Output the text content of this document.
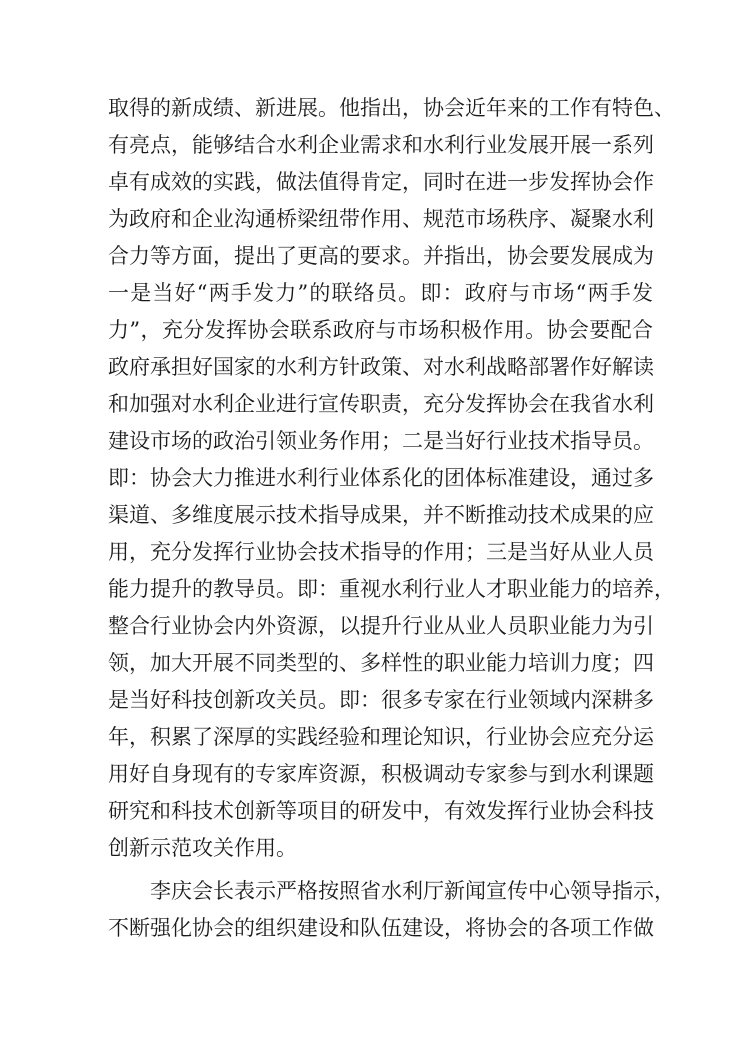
取得的新成绩、新进展。他指出，协会近年来的工作有特色、
有亮点，能够结合水利企业需求和水利行业发展开展一系列
卓有成效的实践，做法值得肯定，同时在进一步发挥协会作
为政府和企业沟通桥梁纽带作用、规范市场秩序、凝聚水利
合力等方面，提出了更高的要求。并指出，协会要发展成为
一是当好“两手发力”的联络员。即：政府与市场“两手发
力”，充分发挥协会联系政府与市场积极作用。协会要配合
政府承担好国家的水利方针政策、对水利战略部署作好解读
和加强对水利企业进行宣传职责，充分发挥协会在我省水利
建设市场的政治引领业务作用；二是当好行业技术指导员。
即：协会大力推进水利行业体系化的团体标准建设，通过多
渠道、多维度展示技术指导成果，并不断推动技术成果的应
用，充分发挥行业协会技术指导的作用；三是当好从业人员
能力提升的教导员。即：重视水利行业人才职业能力的培养，
整合行业协会内外资源，以提升行业从业人员职业能力为引
领，加大开展不同类型的、多样性的职业能力培训力度；四
是当好科技创新攻关员。即：很多专家在行业领域内深耕多
年，积累了深厚的实践经验和理论知识，行业协会应充分运
用好自身现有的专家库资源，积极调动专家参与到水利课题
研究和科技术创新等项目的研发中，有效发挥行业协会科技
创新示范攻关作用。
李庆会长表示严格按照省水利厅新闻宣传中心领导指示，
不断强化协会的组织建设和队伍建设，将协会的各项工作做
